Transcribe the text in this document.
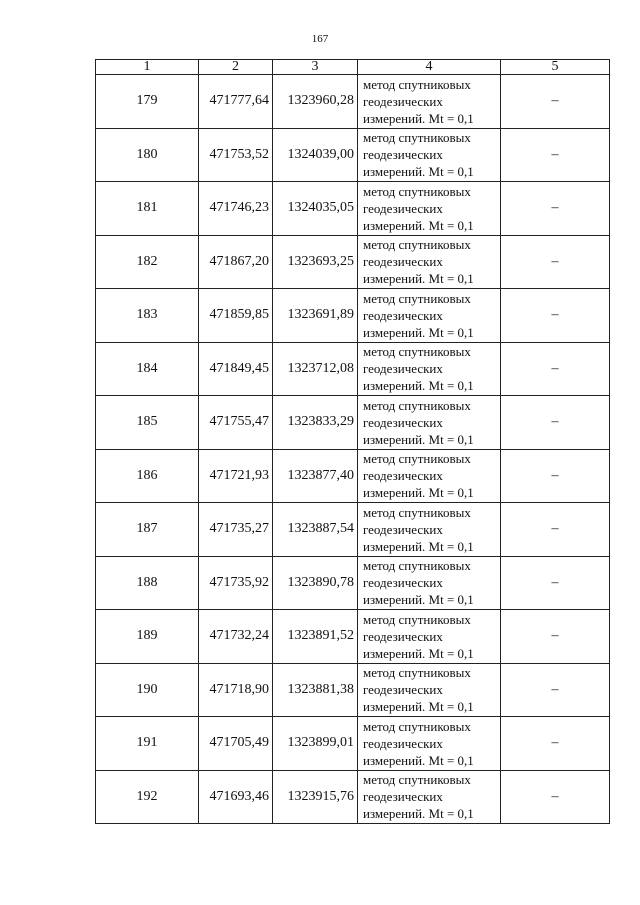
167
1	2	3	4	5
179	471777,64	1323960,28	метод спутниковых
геодезических
измерений. Mt = 0,1	–
180	471753,52	1324039,00	метод спутниковых
геодезических
измерений. Mt = 0,1	–
181	471746,23	1324035,05	метод спутниковых
геодезических
измерений. Mt = 0,1	–
182	471867,20	1323693,25	метод спутниковых
геодезических
измерений. Mt = 0,1	–
183	471859,85	1323691,89	метод спутниковых
геодезических
измерений. Mt = 0,1	–
184	471849,45	1323712,08	метод спутниковых
геодезических
измерений. Mt = 0,1	–
185	471755,47	1323833,29	метод спутниковых
геодезических
измерений. Mt = 0,1	–
186	471721,93	1323877,40	метод спутниковых
геодезических
измерений. Mt = 0,1	–
187	471735,27	1323887,54	метод спутниковых
геодезических
измерений. Mt = 0,1	–
188	471735,92	1323890,78	метод спутниковых
геодезических
измерений. Mt = 0,1	–
189	471732,24	1323891,52	метод спутниковых
геодезических
измерений. Mt = 0,1	–
190	471718,90	1323881,38	метод спутниковых
геодезических
измерений. Mt = 0,1	–
191	471705,49	1323899,01	метод спутниковых
геодезических
измерений. Mt = 0,1	–
192	471693,46	1323915,76	метод спутниковых
геодезических
измерений. Mt = 0,1	–
